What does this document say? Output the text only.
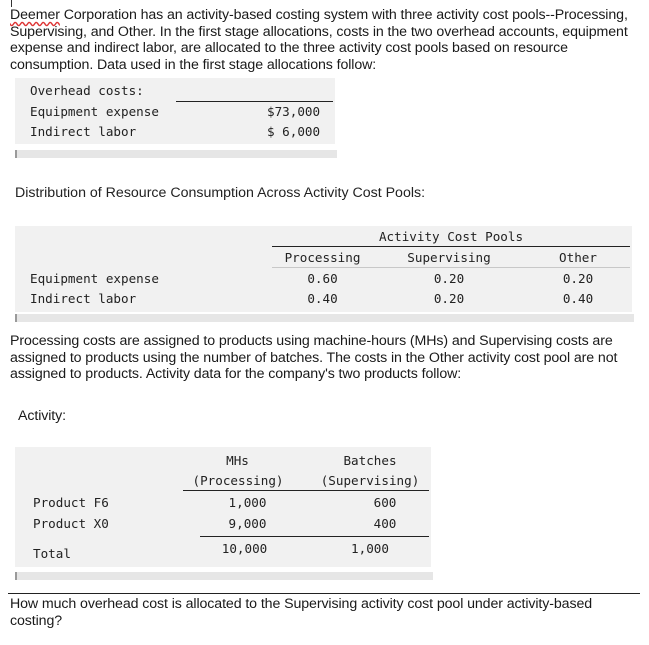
Deemer Corporation has an activity-based costing system with three activity cost pools--Processing, Supervising, and Other. In the first stage allocations, costs in the two overhead accounts, equipment expense and indirect labor, are allocated to the three activity cost pools based on resource consumption. Data used in the first stage allocations follow:
Overhead costs:
Equipment expense	$73,000
Indirect labor	$ 6,000
Distribution of Resource Consumption Across Activity Cost Pools:
Activity Cost Pools
Processing	Supervising	Other
Equipment expense	0.60	0.20	0.20
Indirect labor	0.40	0.20	0.40
Processing costs are assigned to products using machine-hours (MHs) and Supervising costs are assigned to products using the number of batches. The costs in the Other activity cost pool are not assigned to products. Activity data for the company's two products follow:
Activity:
MHs	Batches
(Processing)	(Supervising)
Product F6	1,000	600
Product X0	9,000	400
Total	10,000	1,000
How much overhead cost is allocated to the Supervising activity cost pool under activity-based costing?
